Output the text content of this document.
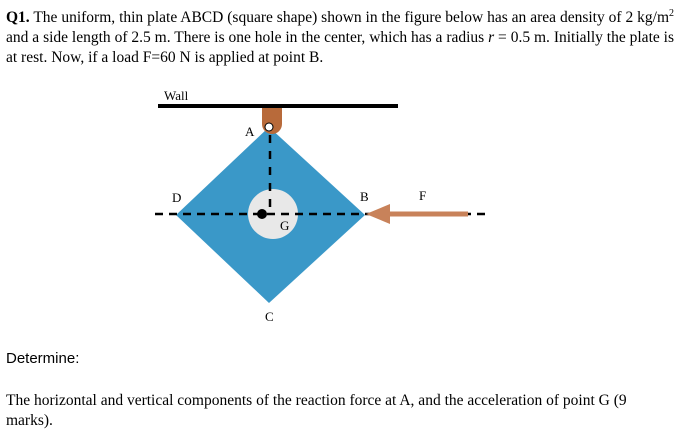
Q1. The uniform, thin plate ABCD (square shape) shown in the figure below has an area density of 2 $kg/m^2$ and a side length of 2.5 m. There is one hole in the center, which has a radius r = 0.5 m. Initially the plate is at rest. Now, if a load F=60 N is applied at point B.
Wall
A
D	B	F
G
C
Determine:
The horizontal and vertical components of the reaction force at A, and the acceleration of point G (9 marks).
